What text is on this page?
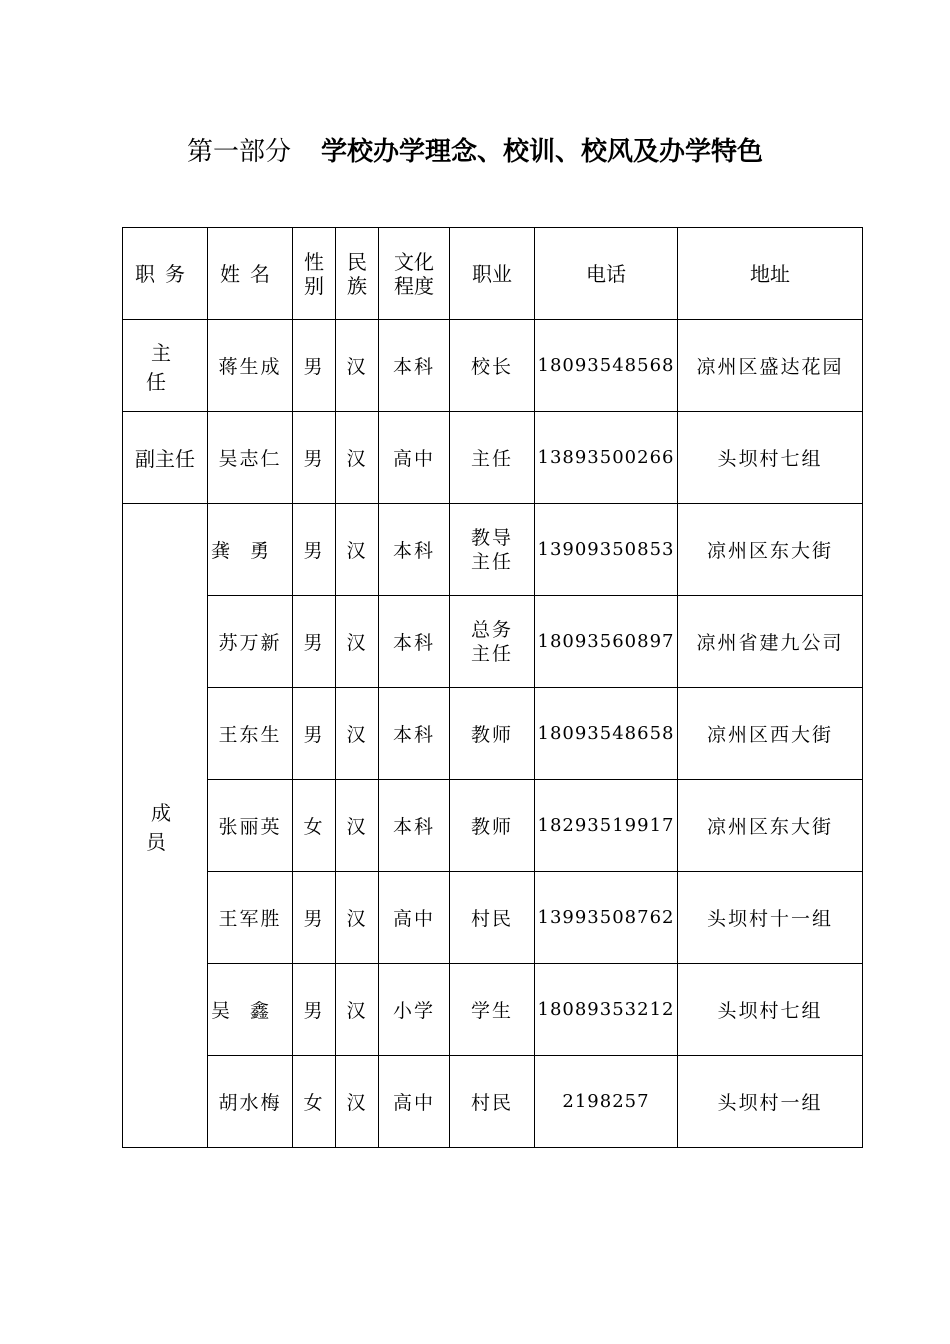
第一部分 学校办学理念、校训、校风及办学特色
职务	姓名	性别	民族	文化程度	职业	电话	地址
主任	蒋生成	男	汉	本科	校长	18093548568	凉州区盛达花园
副主任	吴志仁	男	汉	高中	主任	13893500266	头坝村七组
成员	龚勇	男	汉	本科	教导主任	13909350853	凉州区东大街
	苏万新	男	汉	本科	总务主任	18093560897	凉州省建九公司
	王东生	男	汉	本科	教师	18093548658	凉州区西大街
	张丽英	女	汉	本科	教师	18293519917	凉州区东大街
	王军胜	男	汉	高中	村民	13993508762	头坝村十一组
	吴鑫	男	汉	小学	学生	18089353212	头坝村七组
	胡水梅	女	汉	高中	村民	2198257	头坝村一组
